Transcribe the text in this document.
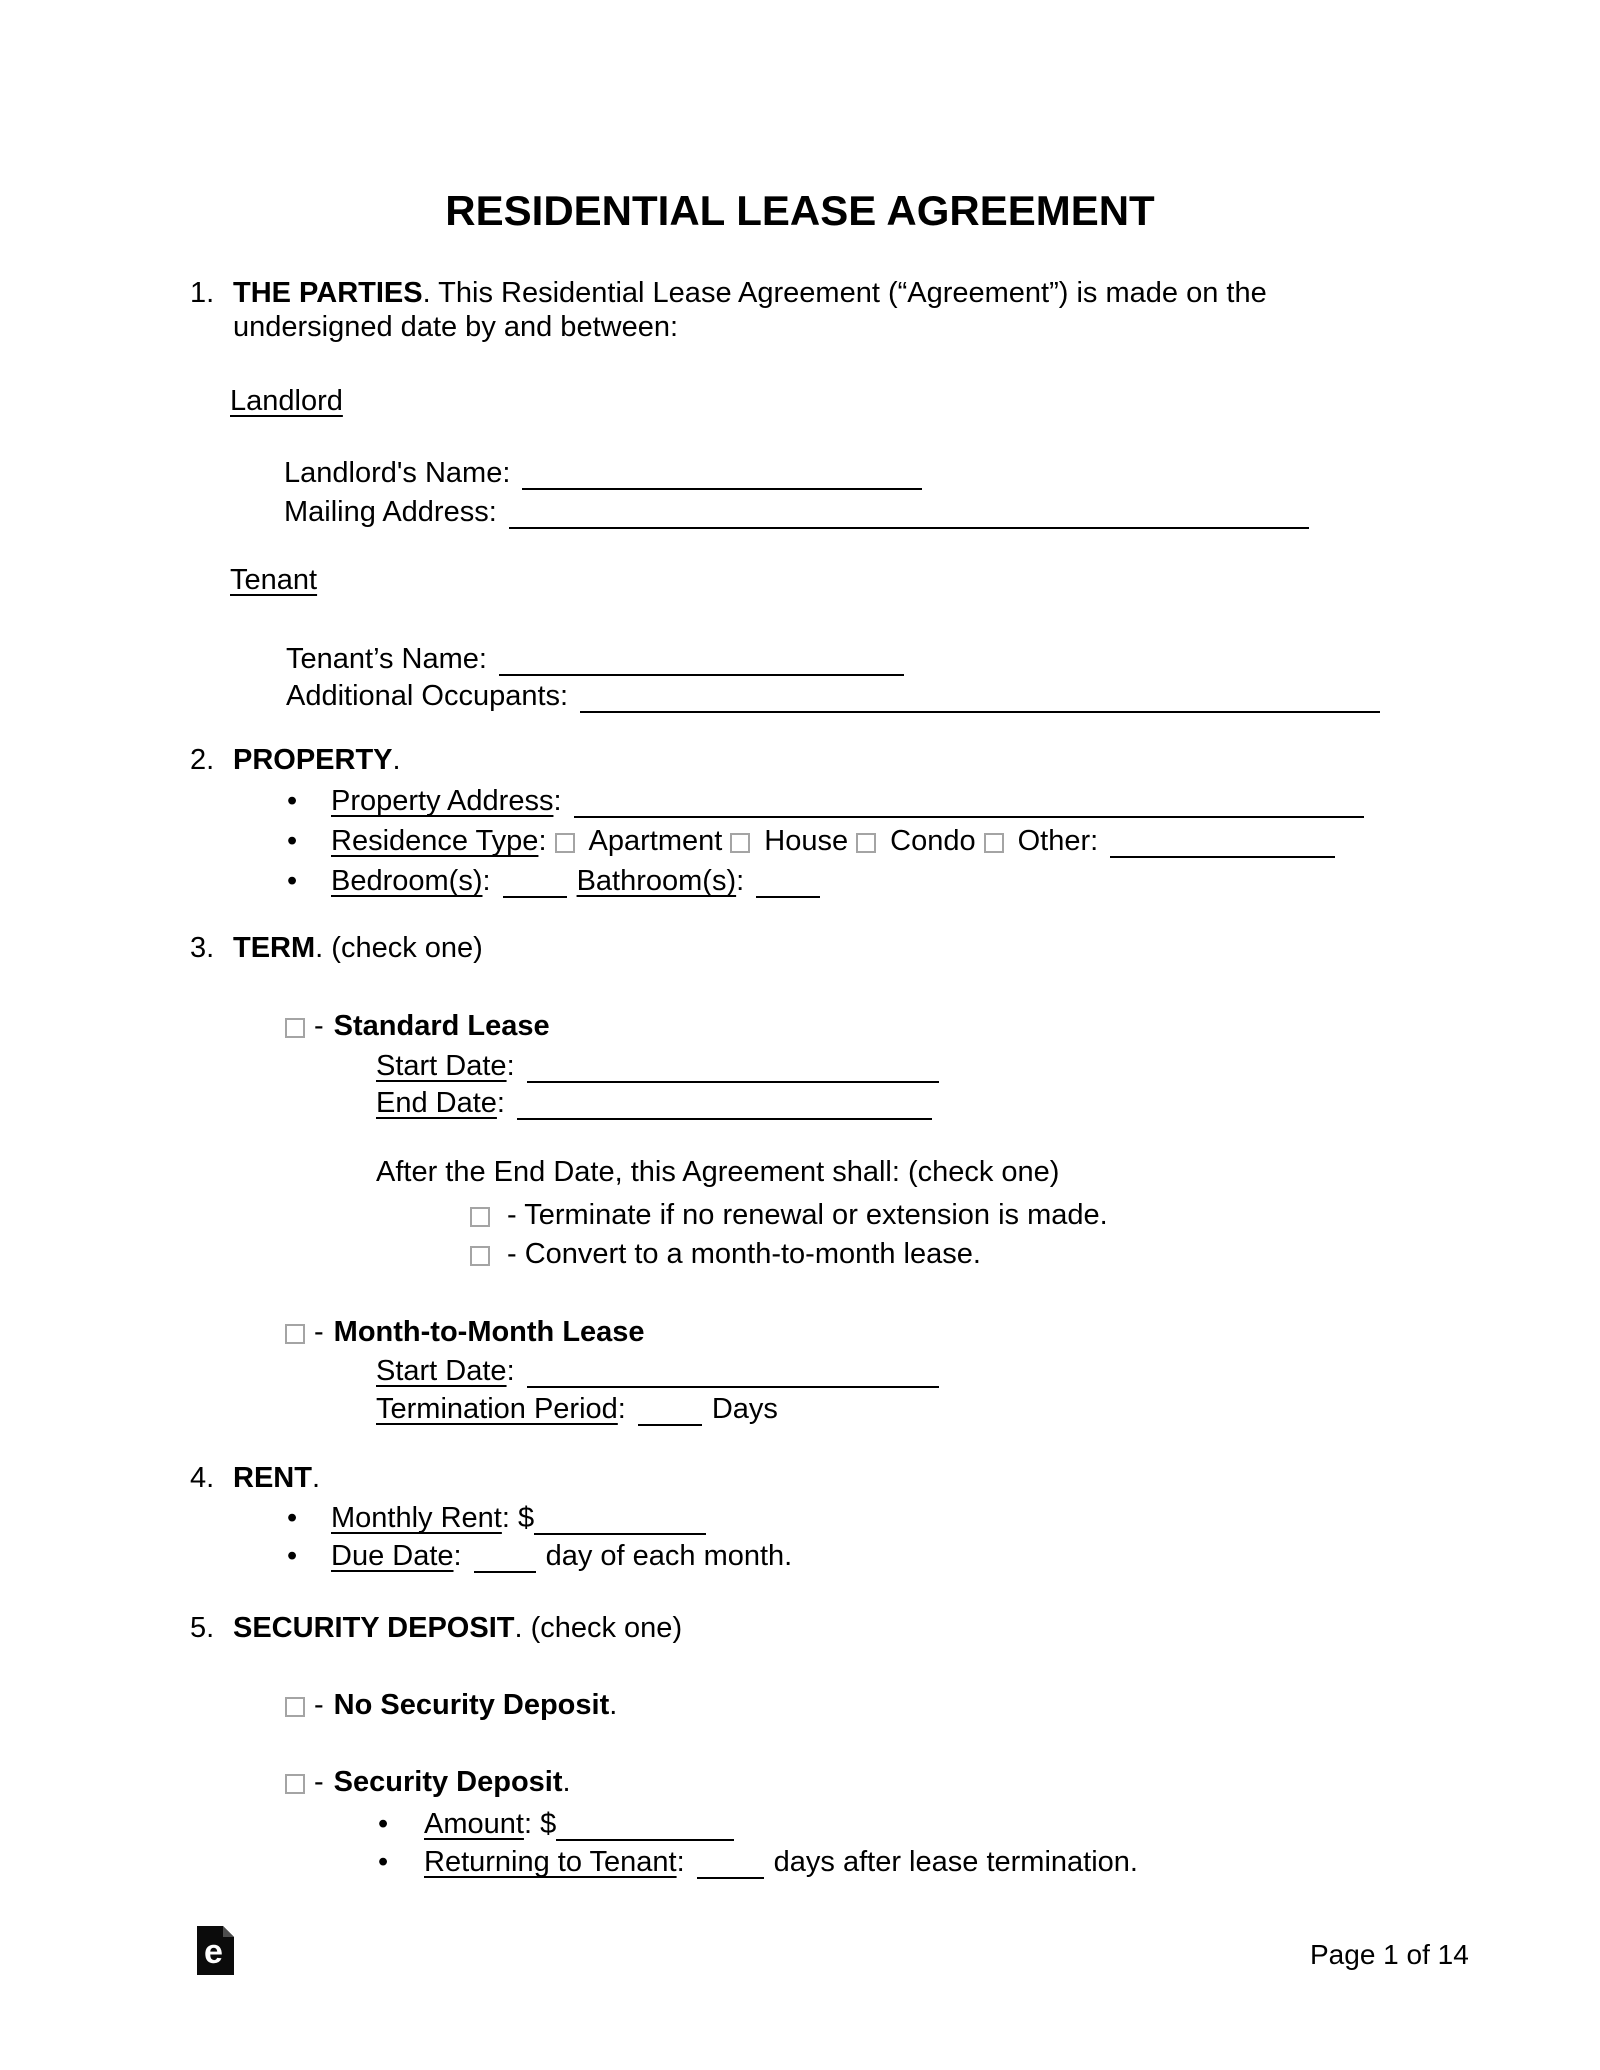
RESIDENTIAL LEASE AGREEMENT
1. THE PARTIES. This Residential Lease Agreement (“Agreement”) is made on the
undersigned date by and between:
Landlord
Landlord's Name:
Mailing Address:
Tenant
Tenant’s Name:
Additional Occupants:
2. PROPERTY.
• Property Address:
• Residence Type: Apartment House Condo Other:
• Bedroom(s):	Bathroom(s):
3. TERM. (check one)
- Standard Lease
Start Date:
End Date:
After the End Date, this Agreement shall: (check one)
- Terminate if no renewal or extension is made.
- Convert to a month-to-month lease.
- Month-to-Month Lease
Start Date:
Termination Period:	Days
4. RENT.
• Monthly Rent: $
• Due Date:	day of each month.
5. SECURITY DEPOSIT. (check one)
- No Security Deposit.
- Security Deposit.
• Amount: $
• Returning to Tenant:	days after lease termination.
e	Page 1 of 14
